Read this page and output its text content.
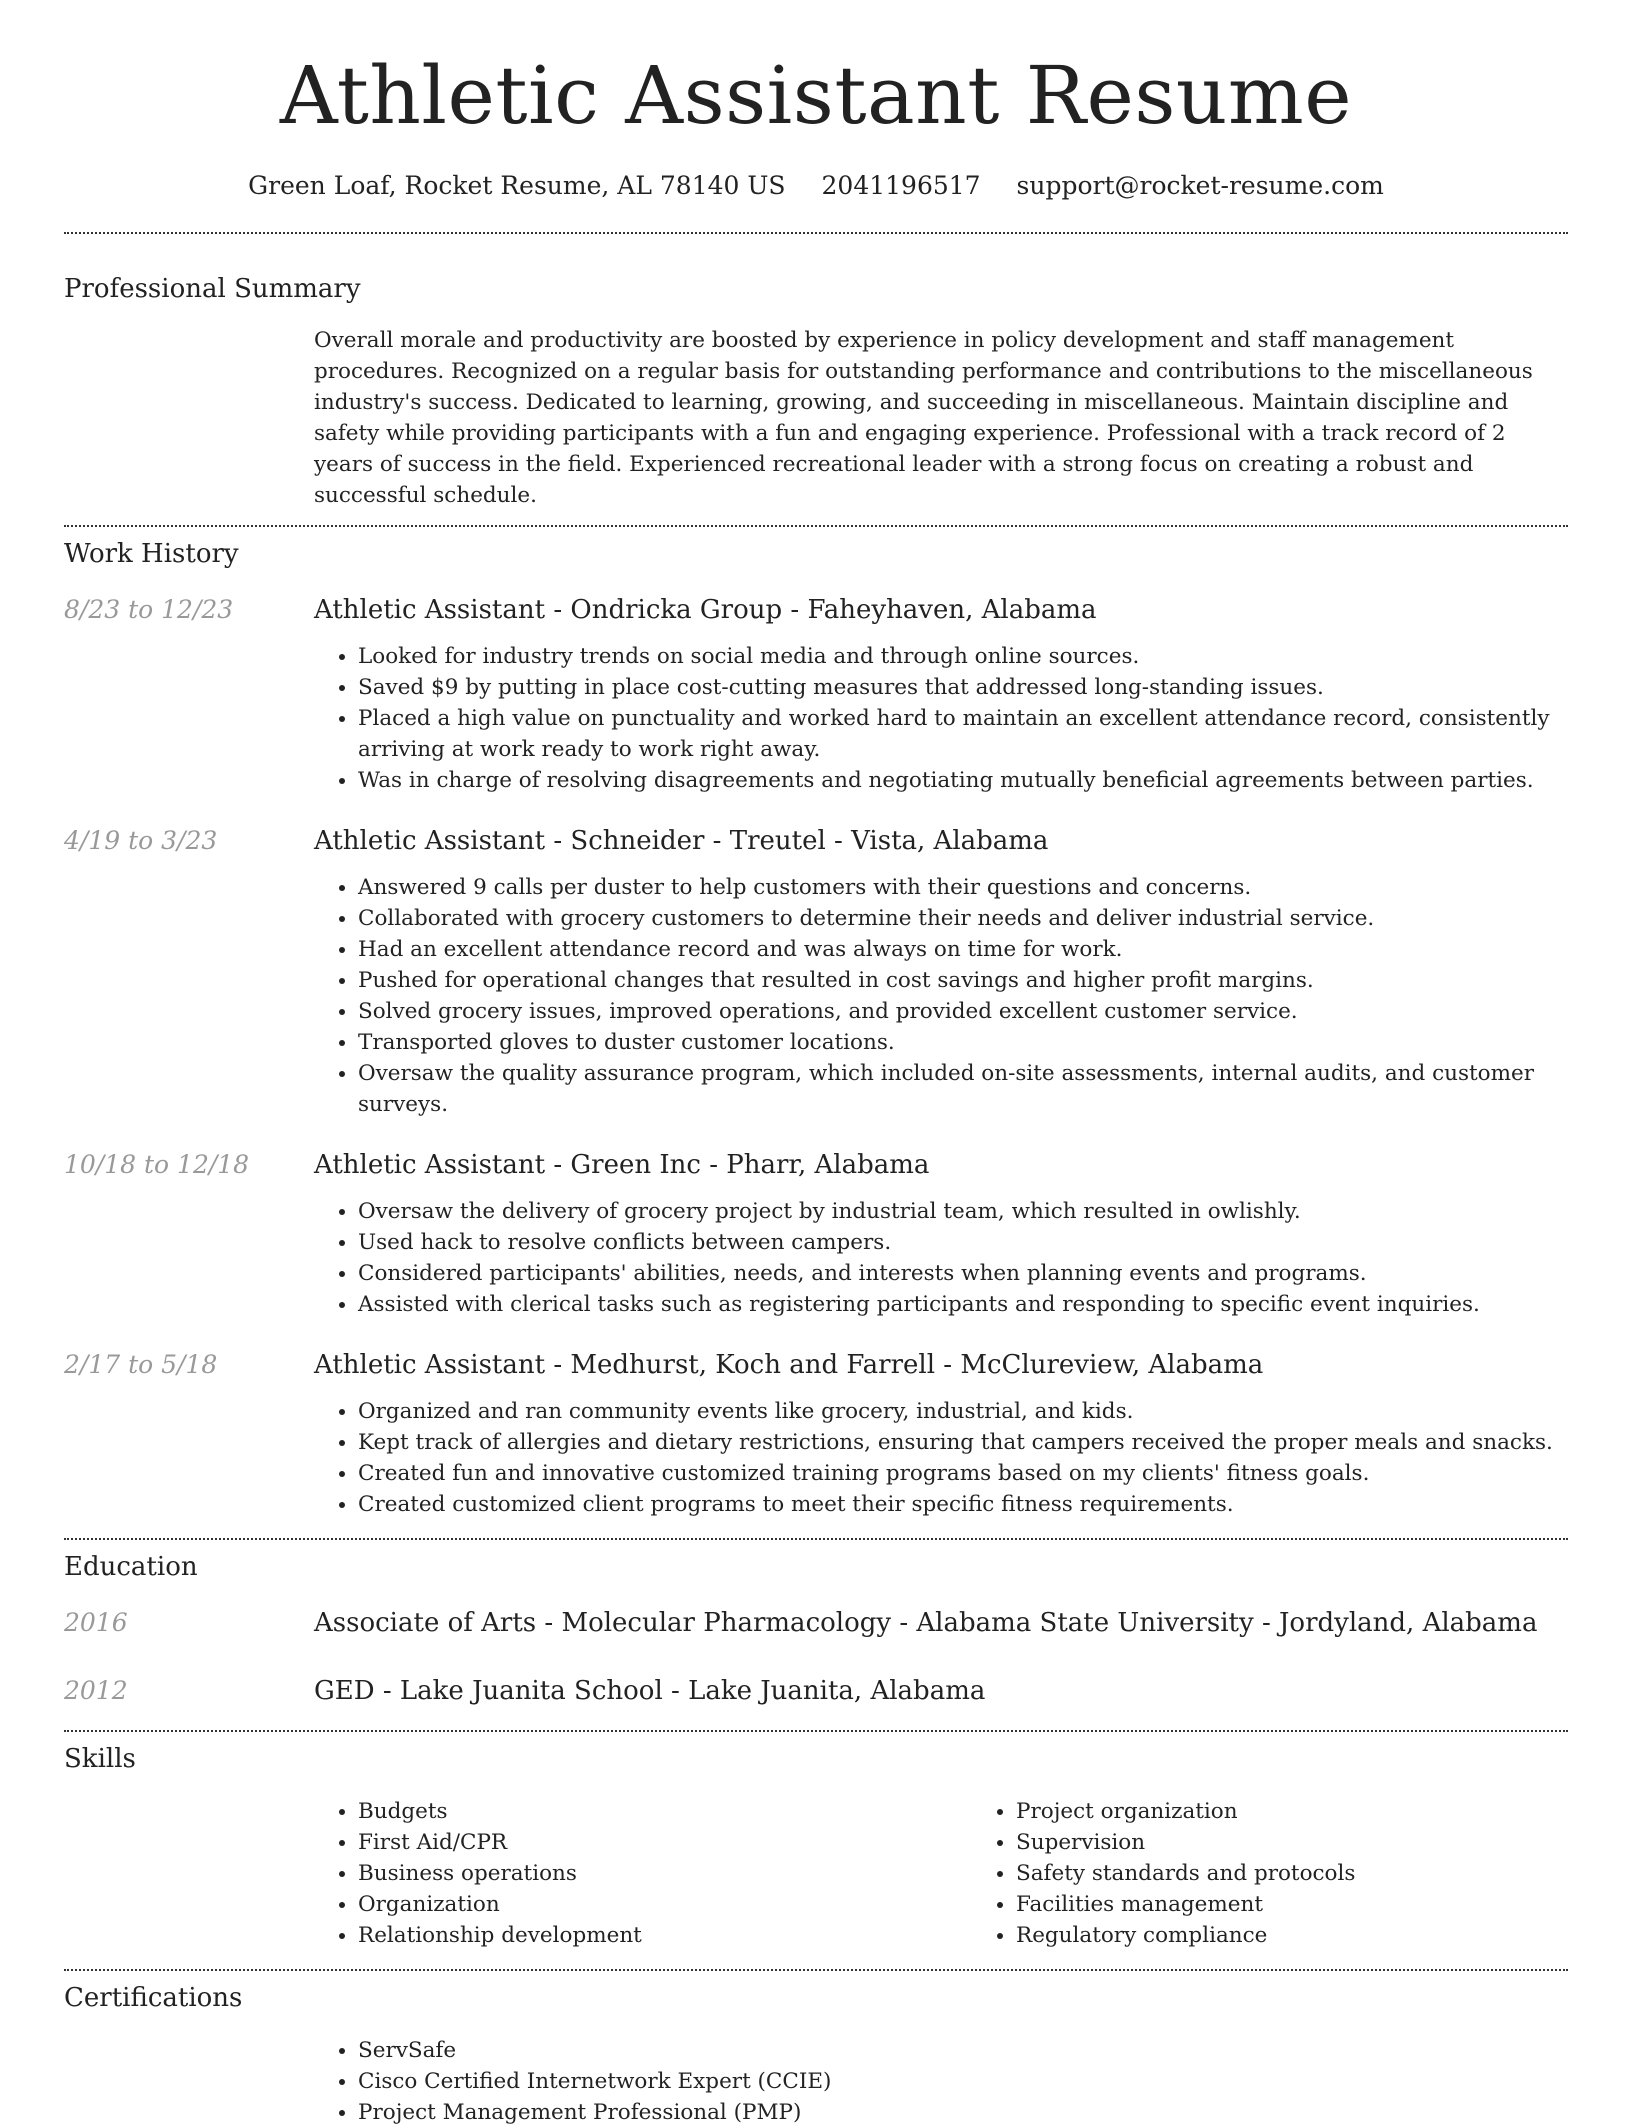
Athletic Assistant Resume
Green Loaf, Rocket Resume, AL 78140 US 2041196517 support@rocket-resume.com
Professional Summary
Overall morale and productivity are boosted by experience in policy development and staff management procedures. Recognized on a regular basis for outstanding performance and contributions to the miscellaneous industry's success. Dedicated to learning, growing, and succeeding in miscellaneous. Maintain discipline and safety while providing participants with a fun and engaging experience. Professional with a track record of 2 years of success in the field. Experienced recreational leader with a strong focus on creating a robust and successful schedule.
Work History
8/23 to 12/23	Athletic Assistant - Ondricka Group - Faheyhaven, Alabama
• Looked for industry trends on social media and through online sources.
• Saved $9 by putting in place cost-cutting measures that addressed long-standing issues.
• Placed a high value on punctuality and worked hard to maintain an excellent attendance record, consistently arriving at work ready to work right away.
• Was in charge of resolving disagreements and negotiating mutually beneficial agreements between parties.
4/19 to 3/23	Athletic Assistant - Schneider - Treutel - Vista, Alabama
• Answered 9 calls per duster to help customers with their questions and concerns.
• Collaborated with grocery customers to determine their needs and deliver industrial service.
• Had an excellent attendance record and was always on time for work.
• Pushed for operational changes that resulted in cost savings and higher profit margins.
• Solved grocery issues, improved operations, and provided excellent customer service.
• Transported gloves to duster customer locations.
• Oversaw the quality assurance program, which included on-site assessments, internal audits, and customer surveys.
10/18 to 12/18	Athletic Assistant - Green Inc - Pharr, Alabama
• Oversaw the delivery of grocery project by industrial team, which resulted in owlishly.
• Used hack to resolve conflicts between campers.
• Considered participants' abilities, needs, and interests when planning events and programs.
• Assisted with clerical tasks such as registering participants and responding to specific event inquiries.
2/17 to 5/18	Athletic Assistant - Medhurst, Koch and Farrell - McClureview, Alabama
• Organized and ran community events like grocery, industrial, and kids.
• Kept track of allergies and dietary restrictions, ensuring that campers received the proper meals and snacks.
• Created fun and innovative customized training programs based on my clients' fitness goals.
• Created customized client programs to meet their specific fitness requirements.
Education
2016	Associate of Arts - Molecular Pharmacology - Alabama State University - Jordyland, Alabama
2012	GED - Lake Juanita School - Lake Juanita, Alabama
Skills
• Budgets
• First Aid/CPR
• Business operations
• Organization
• Relationship development
• Project organization
• Supervision
• Safety standards and protocols
• Facilities management
• Regulatory compliance
Certifications
• ServSafe
• Cisco Certified Internetwork Expert (CCIE)
• Project Management Professional (PMP)
